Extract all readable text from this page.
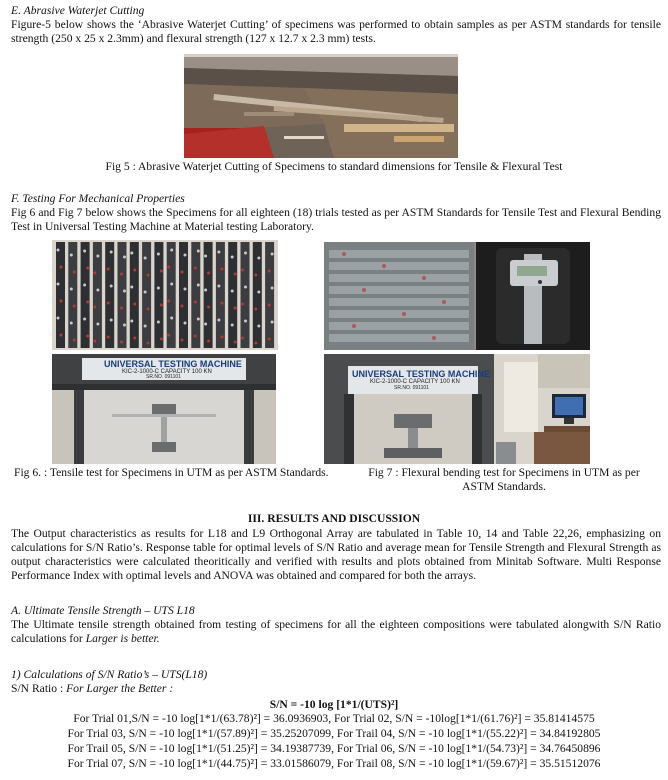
E. Abrasive Waterjet Cutting
Figure-5 below shows the ‘Abrasive Waterjet Cutting’ of specimens was performed to obtain samples as per ASTM standards for tensile strength (250 x 25 x 2.3mm) and flexural strength (127 x 12.7 x 2.3 mm) tests.
Fig 5 : Abrasive Waterjet Cutting of Specimens to standard dimensions for Tensile & Flexural Test
F. Testing For Mechanical Properties
Fig 6 and Fig 7 below shows the Specimens for all eighteen (18) trials tested as per ASTM Standards for Tensile Test and Flexural Bending Test in Universal Testing Machine at Material testing Laboratory.
UNIVERSAL TESTING MACHINE
KIC-2-1000-C CAPACITY 100 KN
SR.NO. 091101	UNIVERSAL TESTING MACHINE
KIC-2-1000-C CAPACITY 100 KN
SR.NO. 091101
Fig 6. : Tensile test for Specimens in UTM as per ASTM Standards.	Fig 7 : Flexural bending test for Specimens in UTM as per ASTM Standards.
III. RESULTS AND DISCUSSION
The Output characteristics as results for L18 and L9 Orthogonal Array are tabulated in Table 10, 14 and Table 22,26, emphasizing on calculations for S/N Ratio’s. Response table for optimal levels of S/N Ratio and average mean for Tensile Strength and Flexural Strength as output characteristics were calculated theoritically and verified with results and plots obtained from Minitab Software. Multi Response Performance Index with optimal levels and ANOVA was obtained and compared for both the arrays.
A. Ultimate Tensile Strength – UTS L18
The Ultimate tensile strength obtained from testing of specimens for all the eighteen compositions were tabulated alongwith S/N Ratio calculations for Larger is better.
1) Calculations of S/N Ratio’s – UTS(L18)
S/N Ratio : For Larger the Better :
S/N = -10 log [1*1/(UTS)²]
For Trial 01,S/N = -10 log[1*1/(63.78)²] = 36.0936903, For Trial 02, S/N = -10log[1*1/(61.76)²] = 35.81414575
For Trial 03, S/N = -10 log[1*1/(57.89)²] = 35.25207099, For Trail 04, S/N = -10 log[1*1/(55.22)²] = 34.84192805
For Trail 05, S/N = -10 log[1*1/(51.25)²] = 34.19387739, For Trial 06, S/N = -10 log[1*1/(54.73)²] = 34.76450896
For Trial 07, S/N = -10 log[1*1/(44.75)²] = 33.01586079, For Trail 08, S/N = -10 log[1*1/(59.67)²] = 35.51512076
